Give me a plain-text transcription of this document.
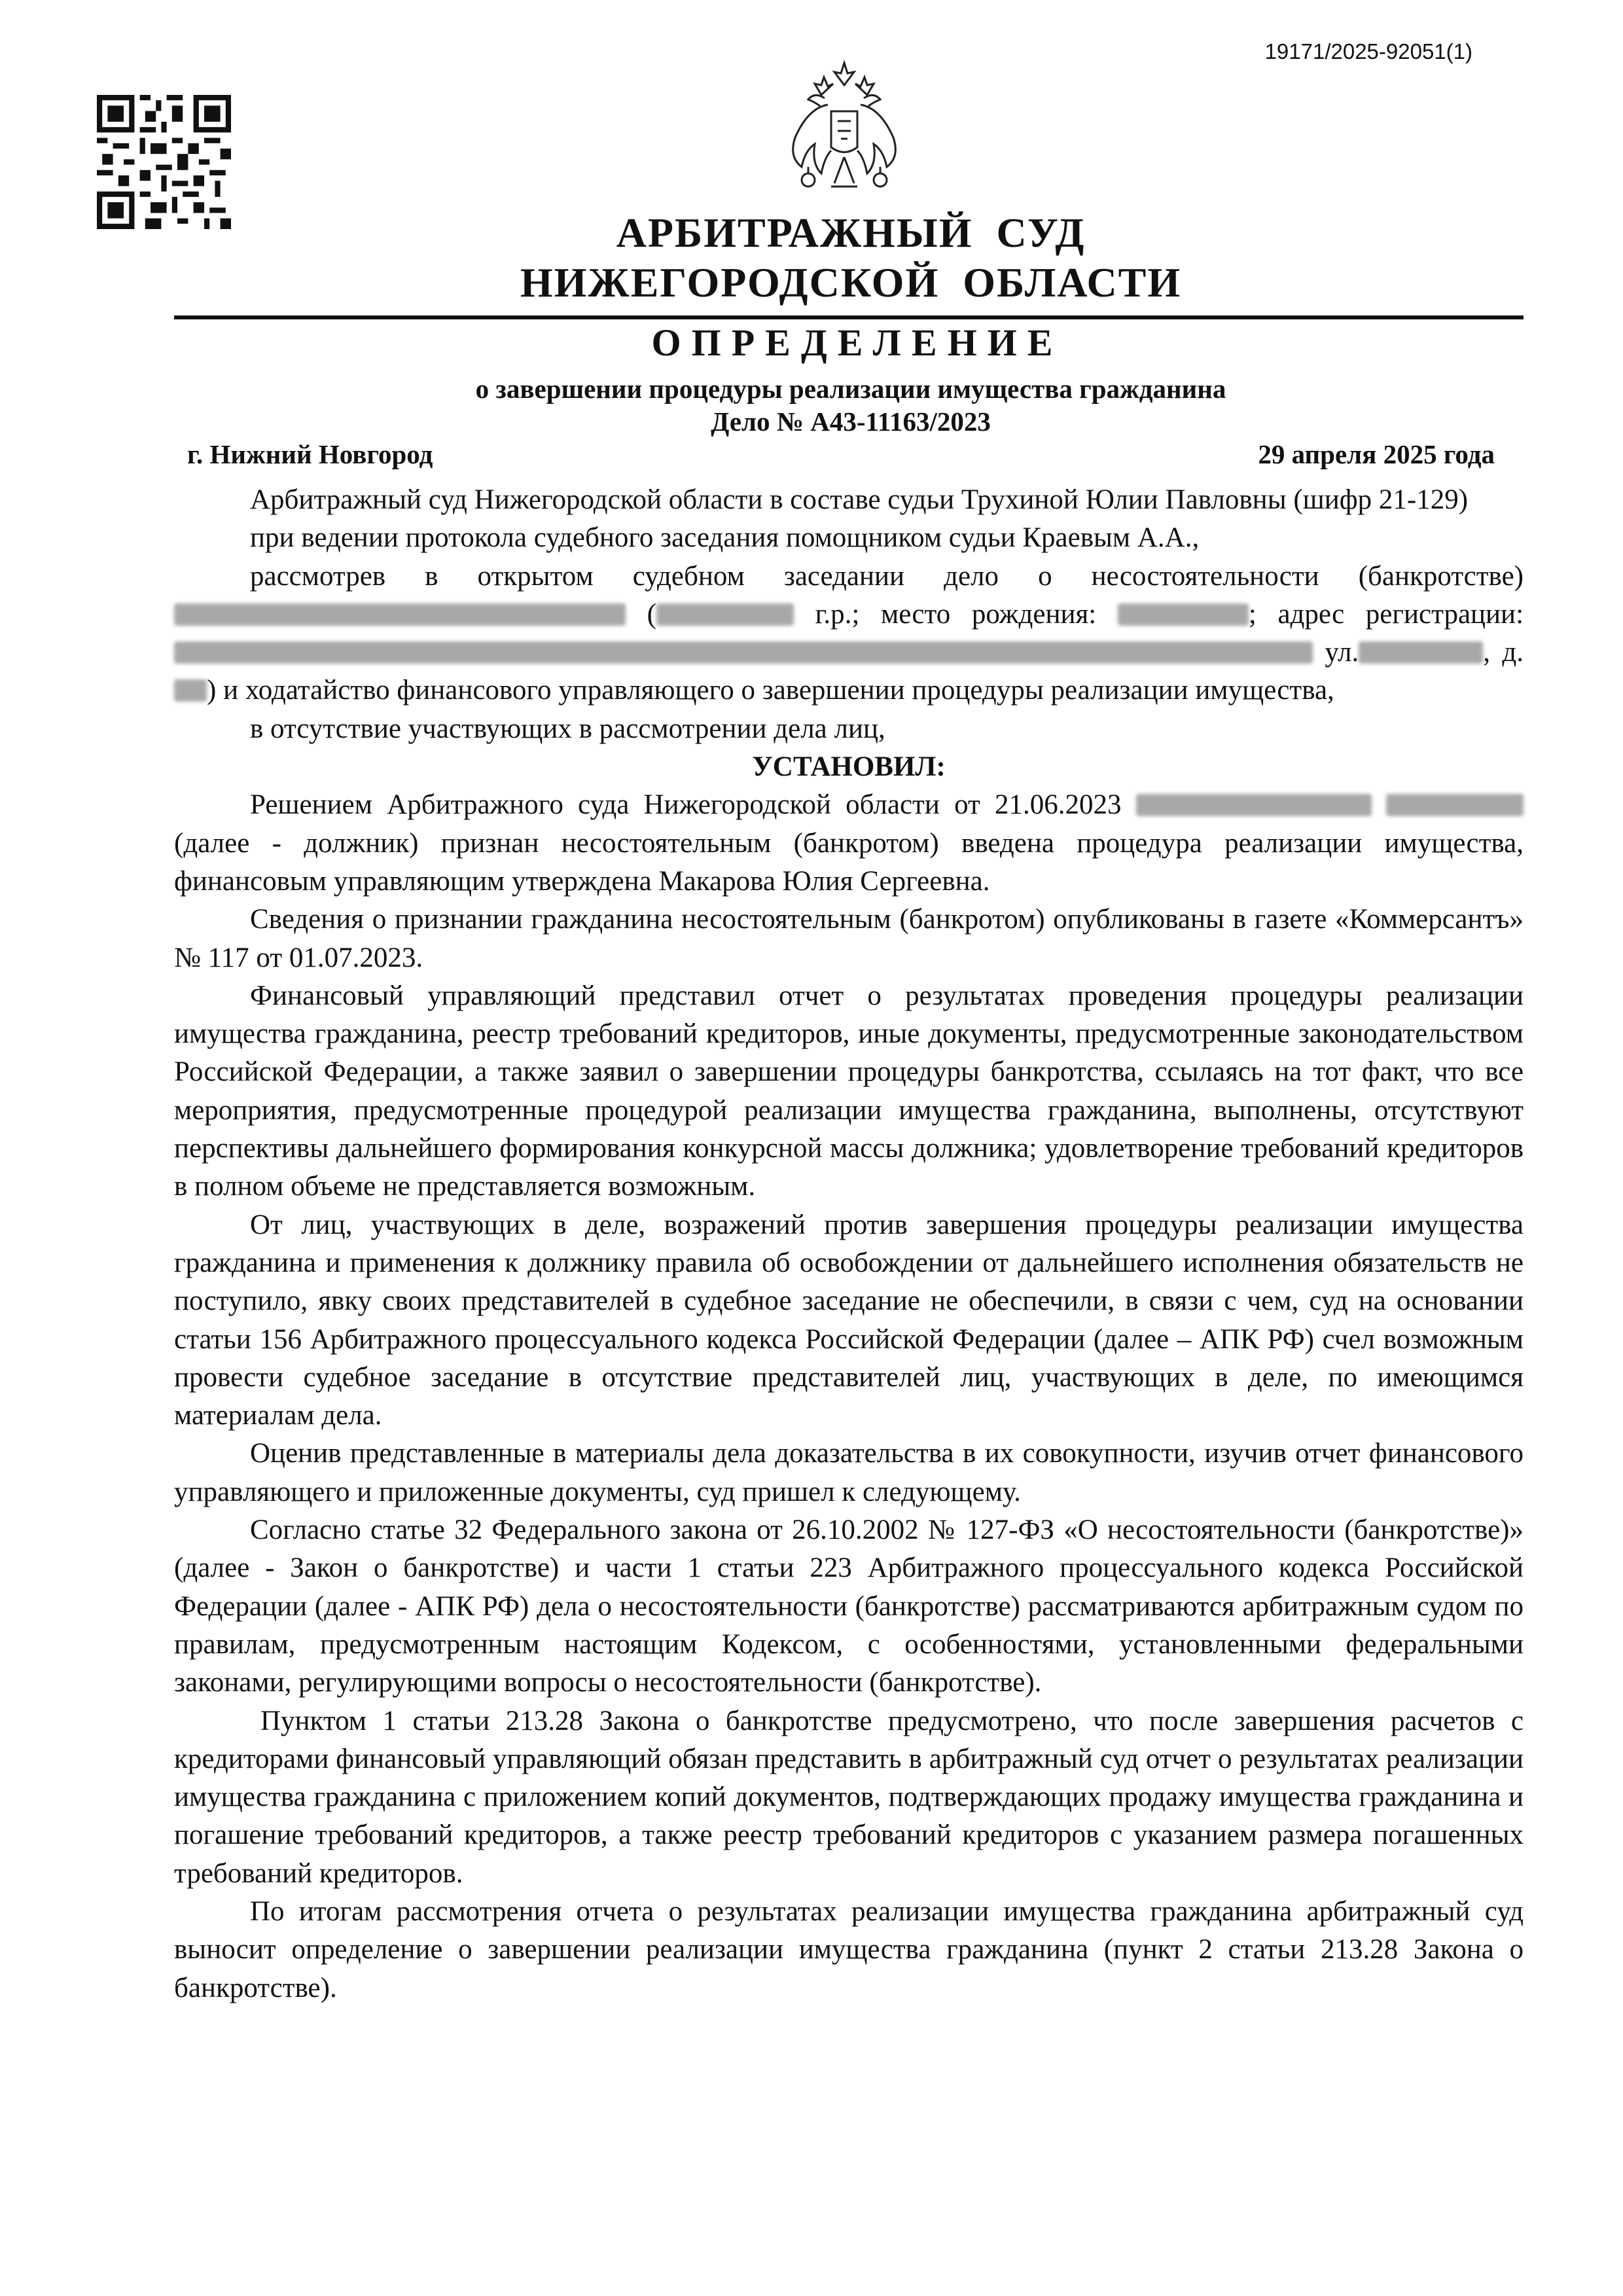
19171/2025-92051(1)
АРБИТРАЖНЫЙ  СУД
НИЖЕГОРОДСКОЙ  ОБЛАСТИ
ОПРЕДЕЛЕНИЕ
о завершении процедуры реализации имущества гражданина
Дело № А43-11163/2023
г. Нижний Новгород	29 апреля 2025 года

Арбитражный суд Нижегородской области в составе судьи Трухиной Юлии Павловны (шифр 21-129)

при ведении протокола судебного заседания помощником судьи Краевым А.А.,

рассмотрев в открытом судебном заседании дело о несостоятельности (банкротстве)  (	г.р.; место рождения:	; адрес регистрации:  ул.	, д. ) и ходатайство финансового управляющего о завершении процедуры реализации имущества,

в отсутствие участвующих в рассмотрении дела лиц,

УСТАНОВИЛ:

Решением Арбитражного суда Нижегородской области от 21.06.2023   (далее - должник) признан несостоятельным (банкротом) введена процедура реализации имущества, финансовым управляющим утверждена Макарова Юлия Сергеевна.

Сведения о признании гражданина несостоятельным (банкротом) опубликованы в газете «Коммерсантъ» № 117 от 01.07.2023.

Финансовый управляющий представил отчет о результатах проведения процедуры реализации имущества гражданина, реестр требований кредиторов, иные документы, предусмотренные законодательством Российской Федерации, а также заявил о завершении процедуры банкротства, ссылаясь на тот факт, что все мероприятия, предусмотренные процедурой реализации имущества гражданина, выполнены, отсутствуют перспективы дальнейшего формирования конкурсной массы должника; удовлетворение требований кредиторов в полном объеме не представляется возможным.

От лиц, участвующих в деле, возражений против завершения процедуры реализации имущества гражданина и применения к должнику правила об освобождении от дальнейшего исполнения обязательств не поступило, явку своих представителей в судебное заседание не обеспечили, в связи с чем, суд на основании статьи 156 Арбитражного процессуального кодекса Российской Федерации (далее – АПК РФ) счел возможным провести судебное заседание в отсутствие представителей лиц, участвующих в деле, по имеющимся материалам дела.

Оценив представленные в материалы дела доказательства в их совокупности, изучив отчет финансового управляющего и приложенные документы, суд пришел к следующему.

Согласно статье 32 Федерального закона от 26.10.2002 № 127-ФЗ «О несостоятельности (банкротстве)» (далее - Закон о банкротстве) и части 1 статьи 223 Арбитражного процессуального кодекса Российской Федерации (далее - АПК РФ) дела о несостоятельности (банкротстве) рассматриваются арбитражным судом по правилам, предусмотренным настоящим Кодексом, с особенностями, установленными федеральными законами, регулирующими вопросы о несостоятельности (банкротстве).

Пунктом 1 статьи 213.28 Закона о банкротстве предусмотрено, что после завершения расчетов с кредиторами финансовый управляющий обязан представить в арбитражный суд отчет о результатах реализации имущества гражданина с приложением копий документов, подтверждающих продажу имущества гражданина и погашение требований кредиторов, а также реестр требований кредиторов с указанием размера погашенных требований кредиторов.

По итогам рассмотрения отчета о результатах реализации имущества гражданина арбитражный суд выносит определение о завершении реализации имущества гражданина (пункт 2 статьи 213.28 Закона о банкротстве).
